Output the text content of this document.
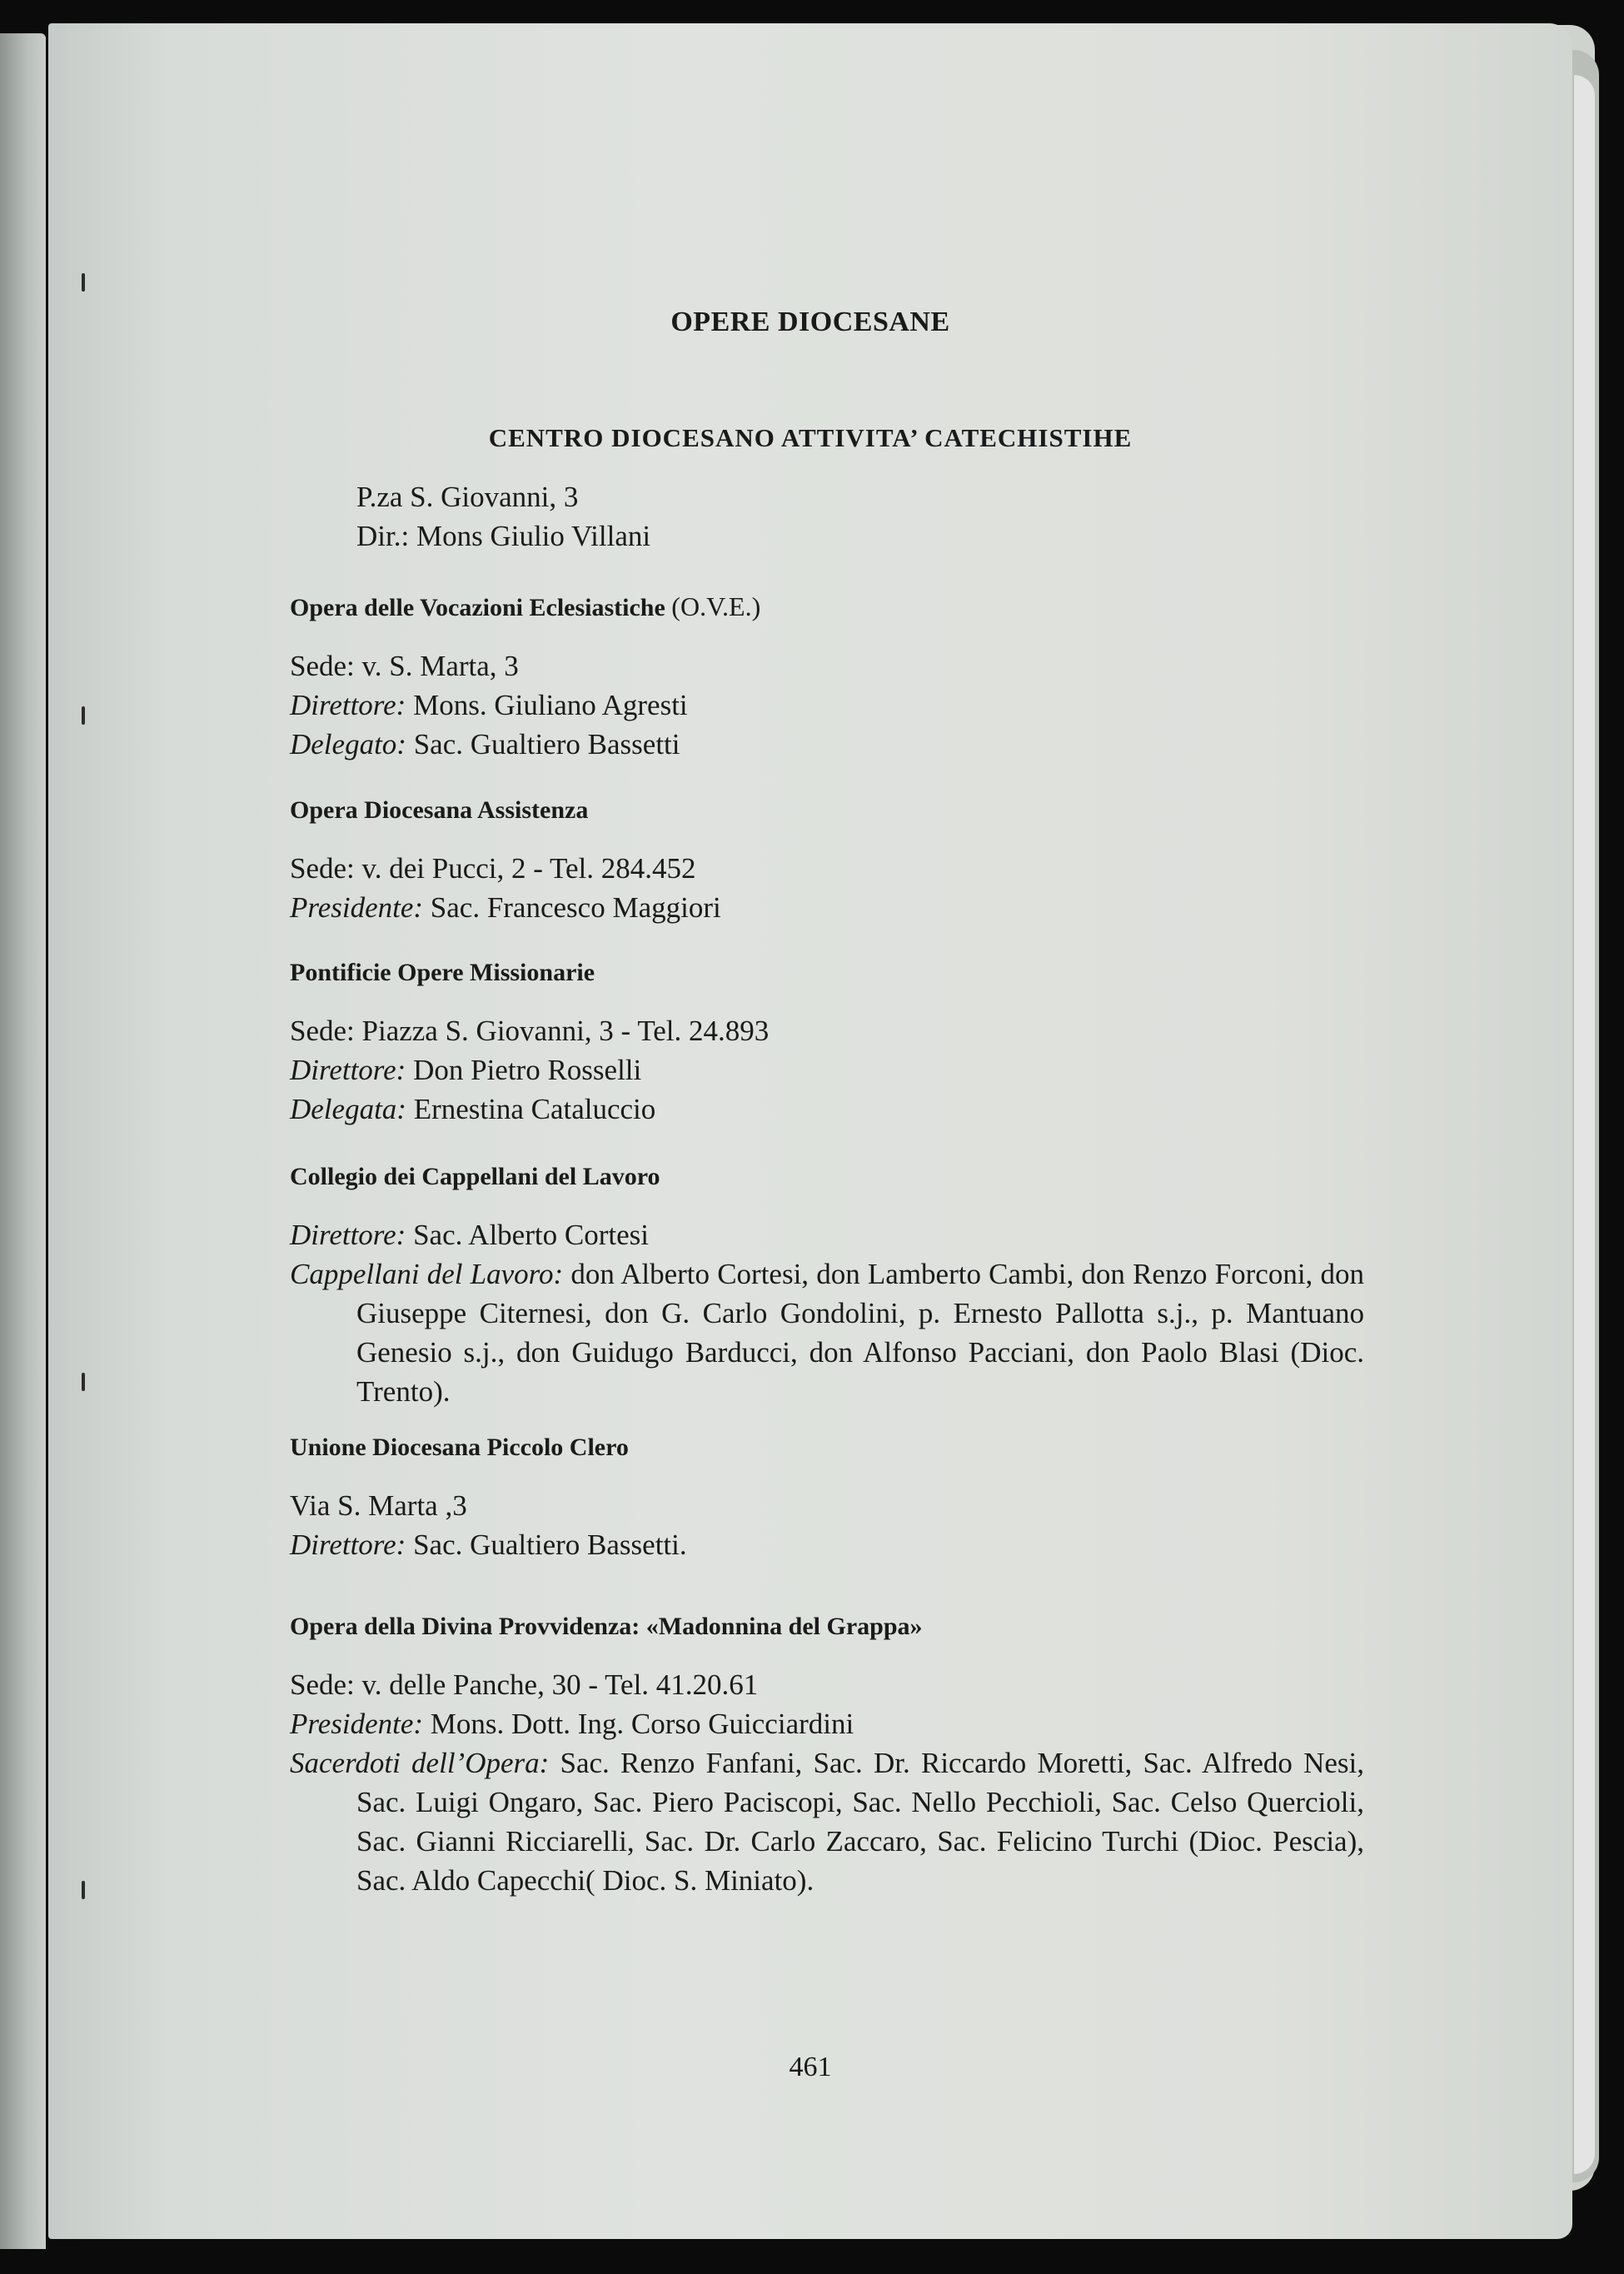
OPERE DIOCESANE
CENTRO DIOCESANO ATTIVITA’ CATECHISTIHE

P.za S. Giovanni, 3

Dir.: Mons Giulio Villani

Opera delle Vocazioni Eclesiastiche (O.V.E.)

Sede: v. S. Marta, 3

Direttore: Mons. Giuliano Agresti

Delegato: Sac. Gualtiero Bassetti

Opera Diocesana Assistenza

Sede: v. dei Pucci, 2 - Tel. 284.452

Presidente: Sac. Francesco Maggiori

Pontificie Opere Missionarie

Sede: Piazza S. Giovanni, 3 - Tel. 24.893

Direttore: Don Pietro Rosselli

Delegata: Ernestina Cataluccio

Collegio dei Cappellani del Lavoro

Direttore: Sac. Alberto Cortesi

Cappellani del Lavoro: don Alberto Cortesi, don Lamberto Cambi, don Renzo Forconi, don Giuseppe Citernesi, don G. Carlo Gondolini, p. Ernesto Pallotta s.j., p. Mantuano Genesio s.j., don Guidugo Barducci, don Alfonso Pacciani, don Paolo Blasi (Dioc. Trento).

Unione Diocesana Piccolo Clero

Via S. Marta ,3

Direttore: Sac. Gualtiero Bassetti.

Opera della Divina Provvidenza: «Madonnina del Grappa»

Sede: v. delle Panche, 30 - Tel. 41.20.61

Presidente: Mons. Dott. Ing. Corso Guicciardini

Sacerdoti dell’Opera: Sac. Renzo Fanfani, Sac. Dr. Riccardo Moretti, Sac. Alfredo Nesi, Sac. Luigi Ongaro, Sac. Piero Paciscopi, Sac. Nello Pecchioli, Sac. Celso Quercioli, Sac. Gianni Ricciarelli, Sac. Dr. Carlo Zaccaro, Sac. Felicino Turchi (Dioc. Pescia), Sac. Aldo Capecchi( Dioc. S. Miniato).

461
